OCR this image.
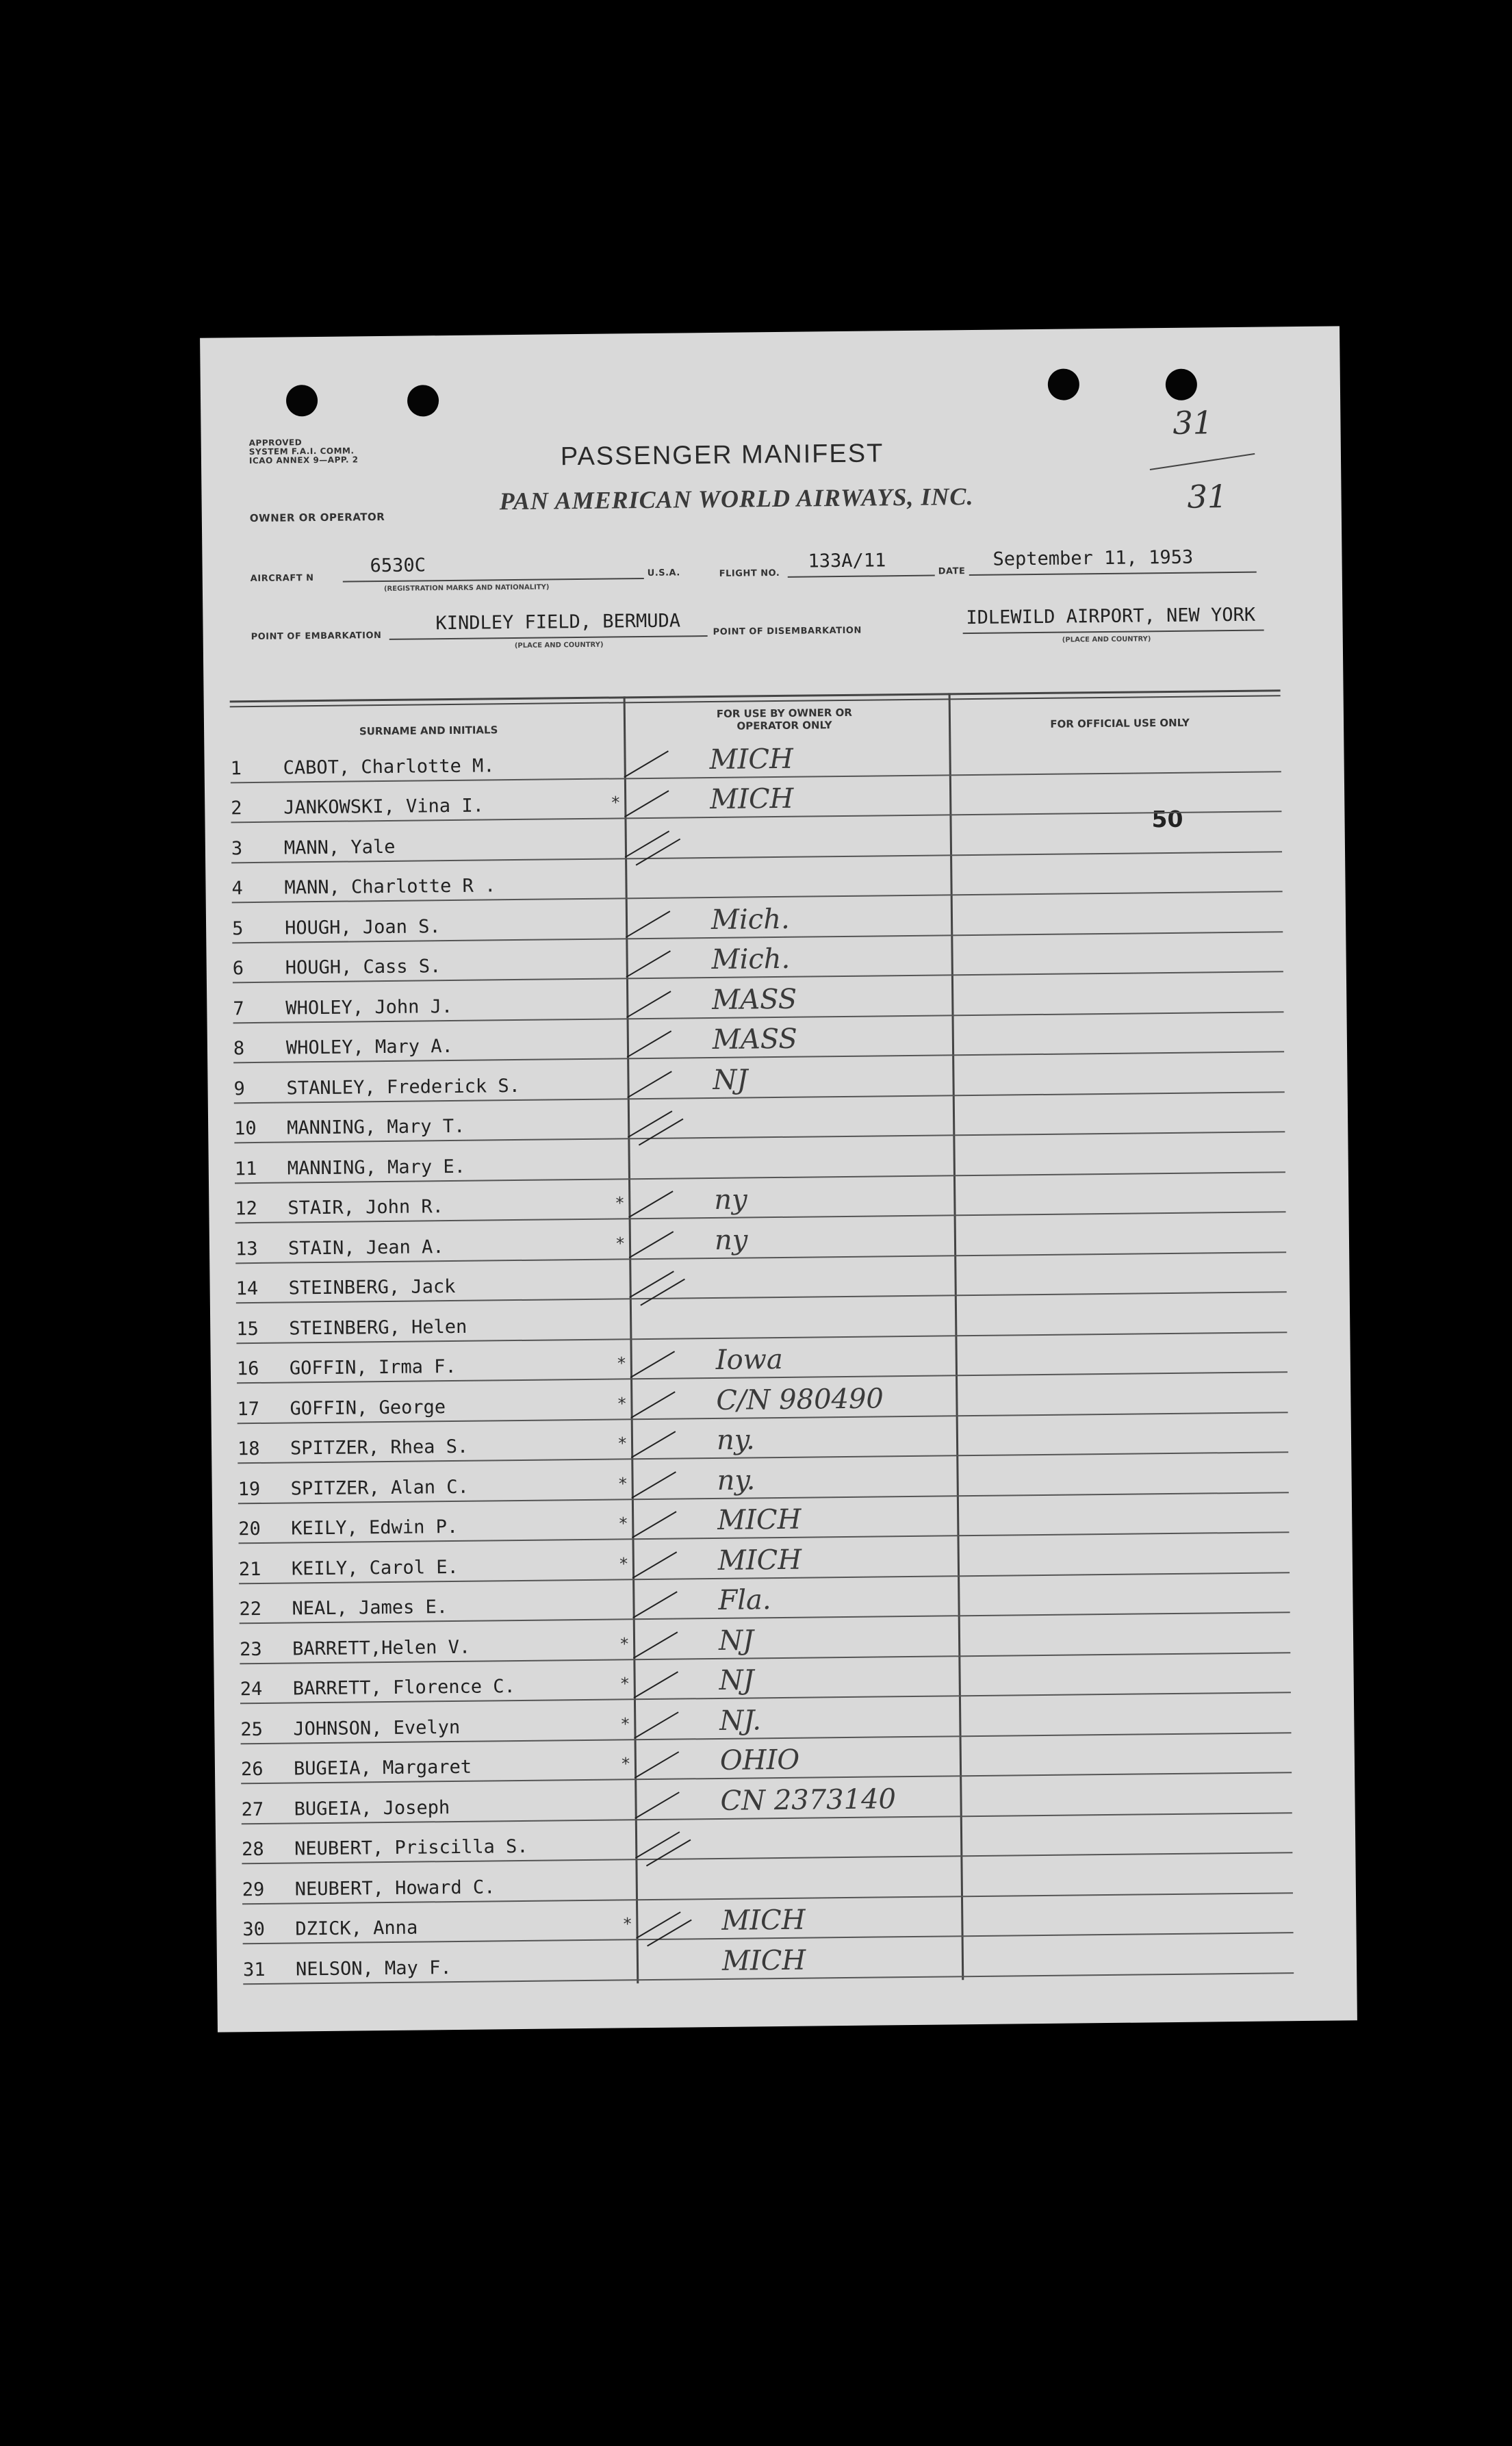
APPROVED
SYSTEM F.A.I. COMM.
ICAO ANNEX 9—APP. 2	PASSENGER MANIFEST
OWNER OR OPERATOR
PAN AMERICAN WORLD AIRWAYS, INC.
31
31
AIRCRAFT N
6530C
(REGISTRATION MARKS AND NATIONALITY)
U.S.A.	FLIGHT NO.
133A/11	DATE
September 11, 1953
POINT OF EMBARKATION
KINDLEY FIELD, BERMUDA
(PLACE AND COUNTRY)
POINT OF DISEMBARKATION
IDLEWILD AIRPORT, NEW YORK
(PLACE AND COUNTRY)
SURNAME AND INITIALS
FOR USE BY OWNER OR OPERATOR ONLY	FOR OFFICIAL USE ONLY
50
1 CABOT, Charlotte M.	MICH
2 JANKOWSKI, Vina I.	*	MICH
3 MANN, Yale
4 MANN, Charlotte R .
5 HOUGH, Joan S.	Mich.
6 HOUGH, Cass S.	Mich.
7 WHOLEY, John J.	MASS
8 WHOLEY, Mary A.	MASS
9 STANLEY, Frederick S.	NJ
10 MANNING, Mary T.
11 MANNING, Mary E.
12 STAIR, John R.	*	ny
13 STAIN, Jean A.	*	ny
14 STEINBERG, Jack
15 STEINBERG, Helen
16 GOFFIN, Irma F.	*	Iowa
17 GOFFIN, George	*	C/N 980490
18 SPITZER, Rhea S.	*	ny.
19 SPITZER, Alan C.	*	ny.
20 KEILY, Edwin P.	*	MICH
21 KEILY, Carol E.	*	MICH
22 NEAL, James E.	Fla.
23 BARRETT,Helen V.	*	NJ
24 BARRETT, Florence C.	*	NJ
25 JOHNSON, Evelyn	*	NJ.
26 BUGEIA, Margaret	*	OHIO
27 BUGEIA, Joseph	CN 2373140
28 NEUBERT, Priscilla S.
29 NEUBERT, Howard C.
30 DZICK, Anna	*	MICH
31 NELSON, May F.	MICH
